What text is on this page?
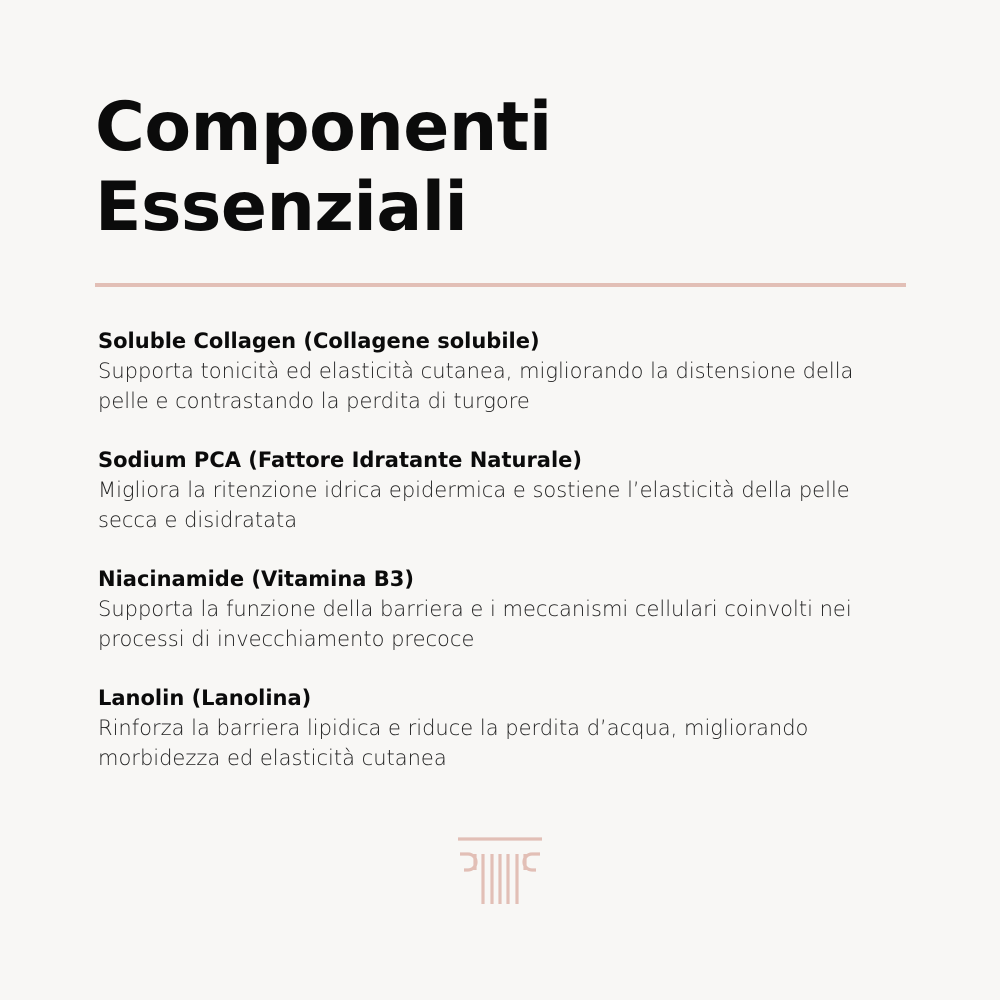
Componenti
Essenziali
Soluble Collagen (Collagene solubile)
Supporta tonicità ed elasticità cutanea, migliorando la distensione della pelle e contrastando la perdita di turgore
Sodium PCA (Fattore Idratante Naturale)
Migliora la ritenzione idrica epidermica e sostiene l’elasticità della pelle secca e disidratata
Niacinamide (Vitamina B3)
Supporta la funzione della barriera e i meccanismi cellulari coinvolti nei processi di invecchiamento precoce
Lanolin (Lanolina)
Rinforza la barriera lipidica e riduce la perdita d’acqua, migliorando morbidezza ed elasticità cutanea
